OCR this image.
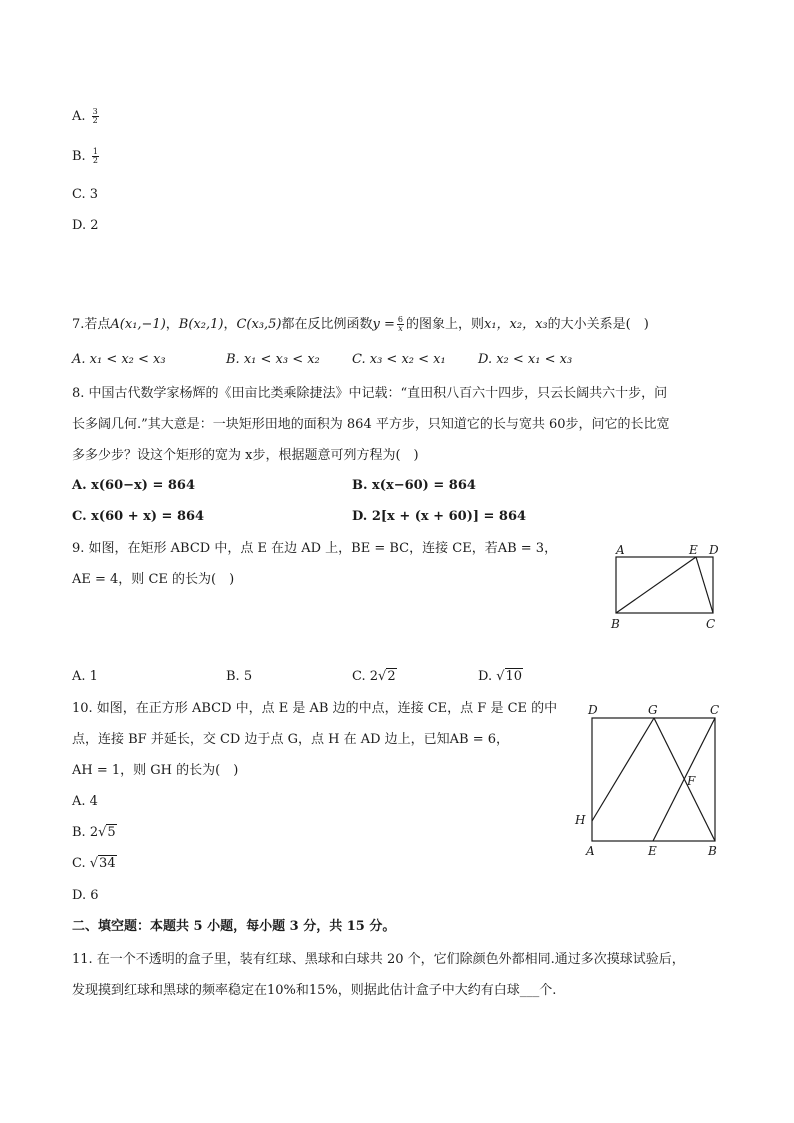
A. $\frac{3}{2}$
B. $\frac{1}{2}$
C. 3
D. 2
7.若点A(x₁,−1)，B(x₂,1)，C(x₃,5)都在反比例函数$y = \frac{6}{x}$ 的图象上，则x₁，x₂，x₃的大小关系是(　)
A. x₁ < x₂ < x₃	B. x₁ < x₃ < x₂ C. x₃ < x₂ < x₁ D. x₂ < x₁ < x₃
8. 中国古代数学家杨辉的《田亩比类乘除捷法》中记载：“直田积八百六十四步，只云长阔共六十步，问
长多阔几何.”其大意是：一块矩形田地的面积为 864 平方步，只知道它的长与宽共 60步，问它的长比宽
多多少步？设这个矩形的宽为 x步，根据题意可列方程为(　)
A. x(60−x) = 864	B. x(x−60) = 864
C. x(60 + x) = 864	D. 2[x + (x + 60)] = 864
9. 如图，在矩形 ABCD 中，点 E 在边 AD 上，BE = BC，连接 CE，若AB = 3，
AE = 4，则 CE 的长为(　)
A	E D
B	C
A. 1	B. 5	C. 2√2	D. √10
10. 如图，在正方形 ABCD 中，点 E 是 AB 边的中点，连接 CE，点 F 是 CE 的中
点，连接 BF 并延长，交 CD 边于点 G，点 H 在 AD 边上，已知AB = 6，
AH = 1，则 GH 的长为(　)
A. 4
B. 2√5
C. √34
D. 6
D	G	C
F
H
A	E	B
二、填空题：本题共 5 小题，每小题 3 分，共 15 分。
11. 在一个不透明的盒子里，装有红球、黑球和白球共 20 个，它们除颜色外都相同.通过多次摸球试验后，
发现摸到红球和黑球的频率稳定在10%和15%，则据此估计盒子中大约有白球___个.
